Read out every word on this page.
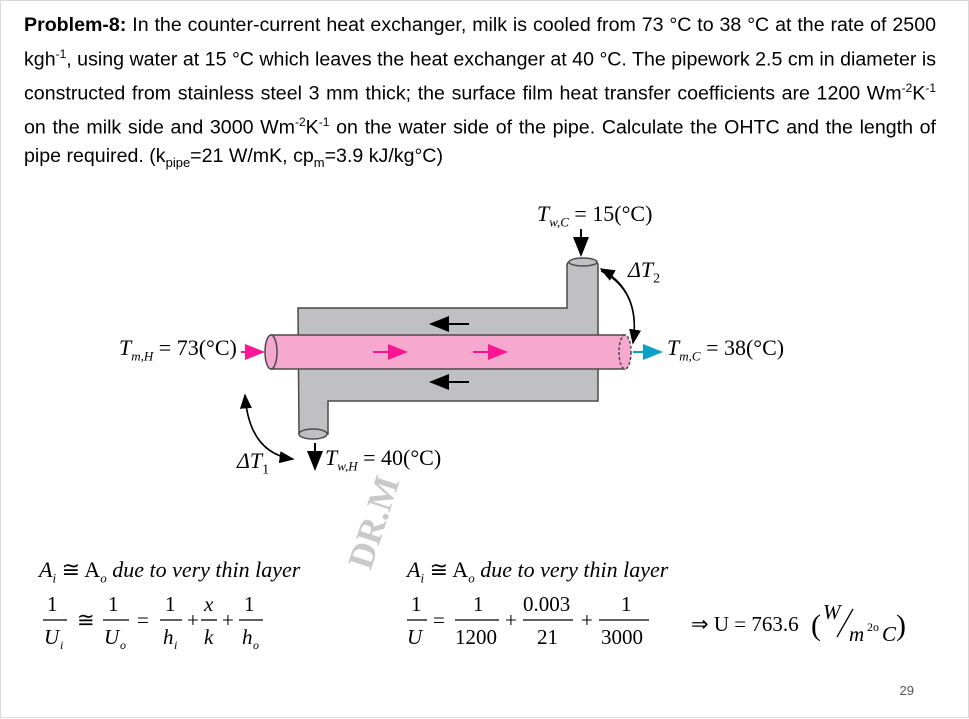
Problem-8: In the counter-current heat exchanger, milk is cooled from 73 °C to 38 °C at the rate of 2500 kgh$^{-1}$, using water at 15 °C which leaves the heat exchanger at 40 °C. The pipework 2.5 cm in diameter is constructed from stainless steel 3 mm thick; the surface film heat transfer coefficients are 1200 $Wm^{-2}K^{-1}$ on the milk side and 3000 $Wm^{-2}K^{-1}$ on the water side of the pipe. Calculate the OHTC and the length of pipe required. ($k_{pipe}=21$ W/mK, $cp_m=3.9$ kJ/kg°C)
DR.M
$T_{w,C} = 15(^\circ C)$
$\Delta T_2$
$T_{m,H} = 73(^\circ C)$	$T_{m,C} = 38(^\circ C)$
$\Delta T_1$	$T_{w,H} = 40(^\circ C)$
$A_i$ ≅ $A_o$ due to very thin layer	$A_i$ ≅ $A_o$ due to very thin layer
1
U i
≅
1
U o
=
1
h i
+
x
k
+
1
h o
1
U
=
1
1200
+
0.003
21
+
1
3000
⇒ U = 763.6 ( W
m 2o C )
29
